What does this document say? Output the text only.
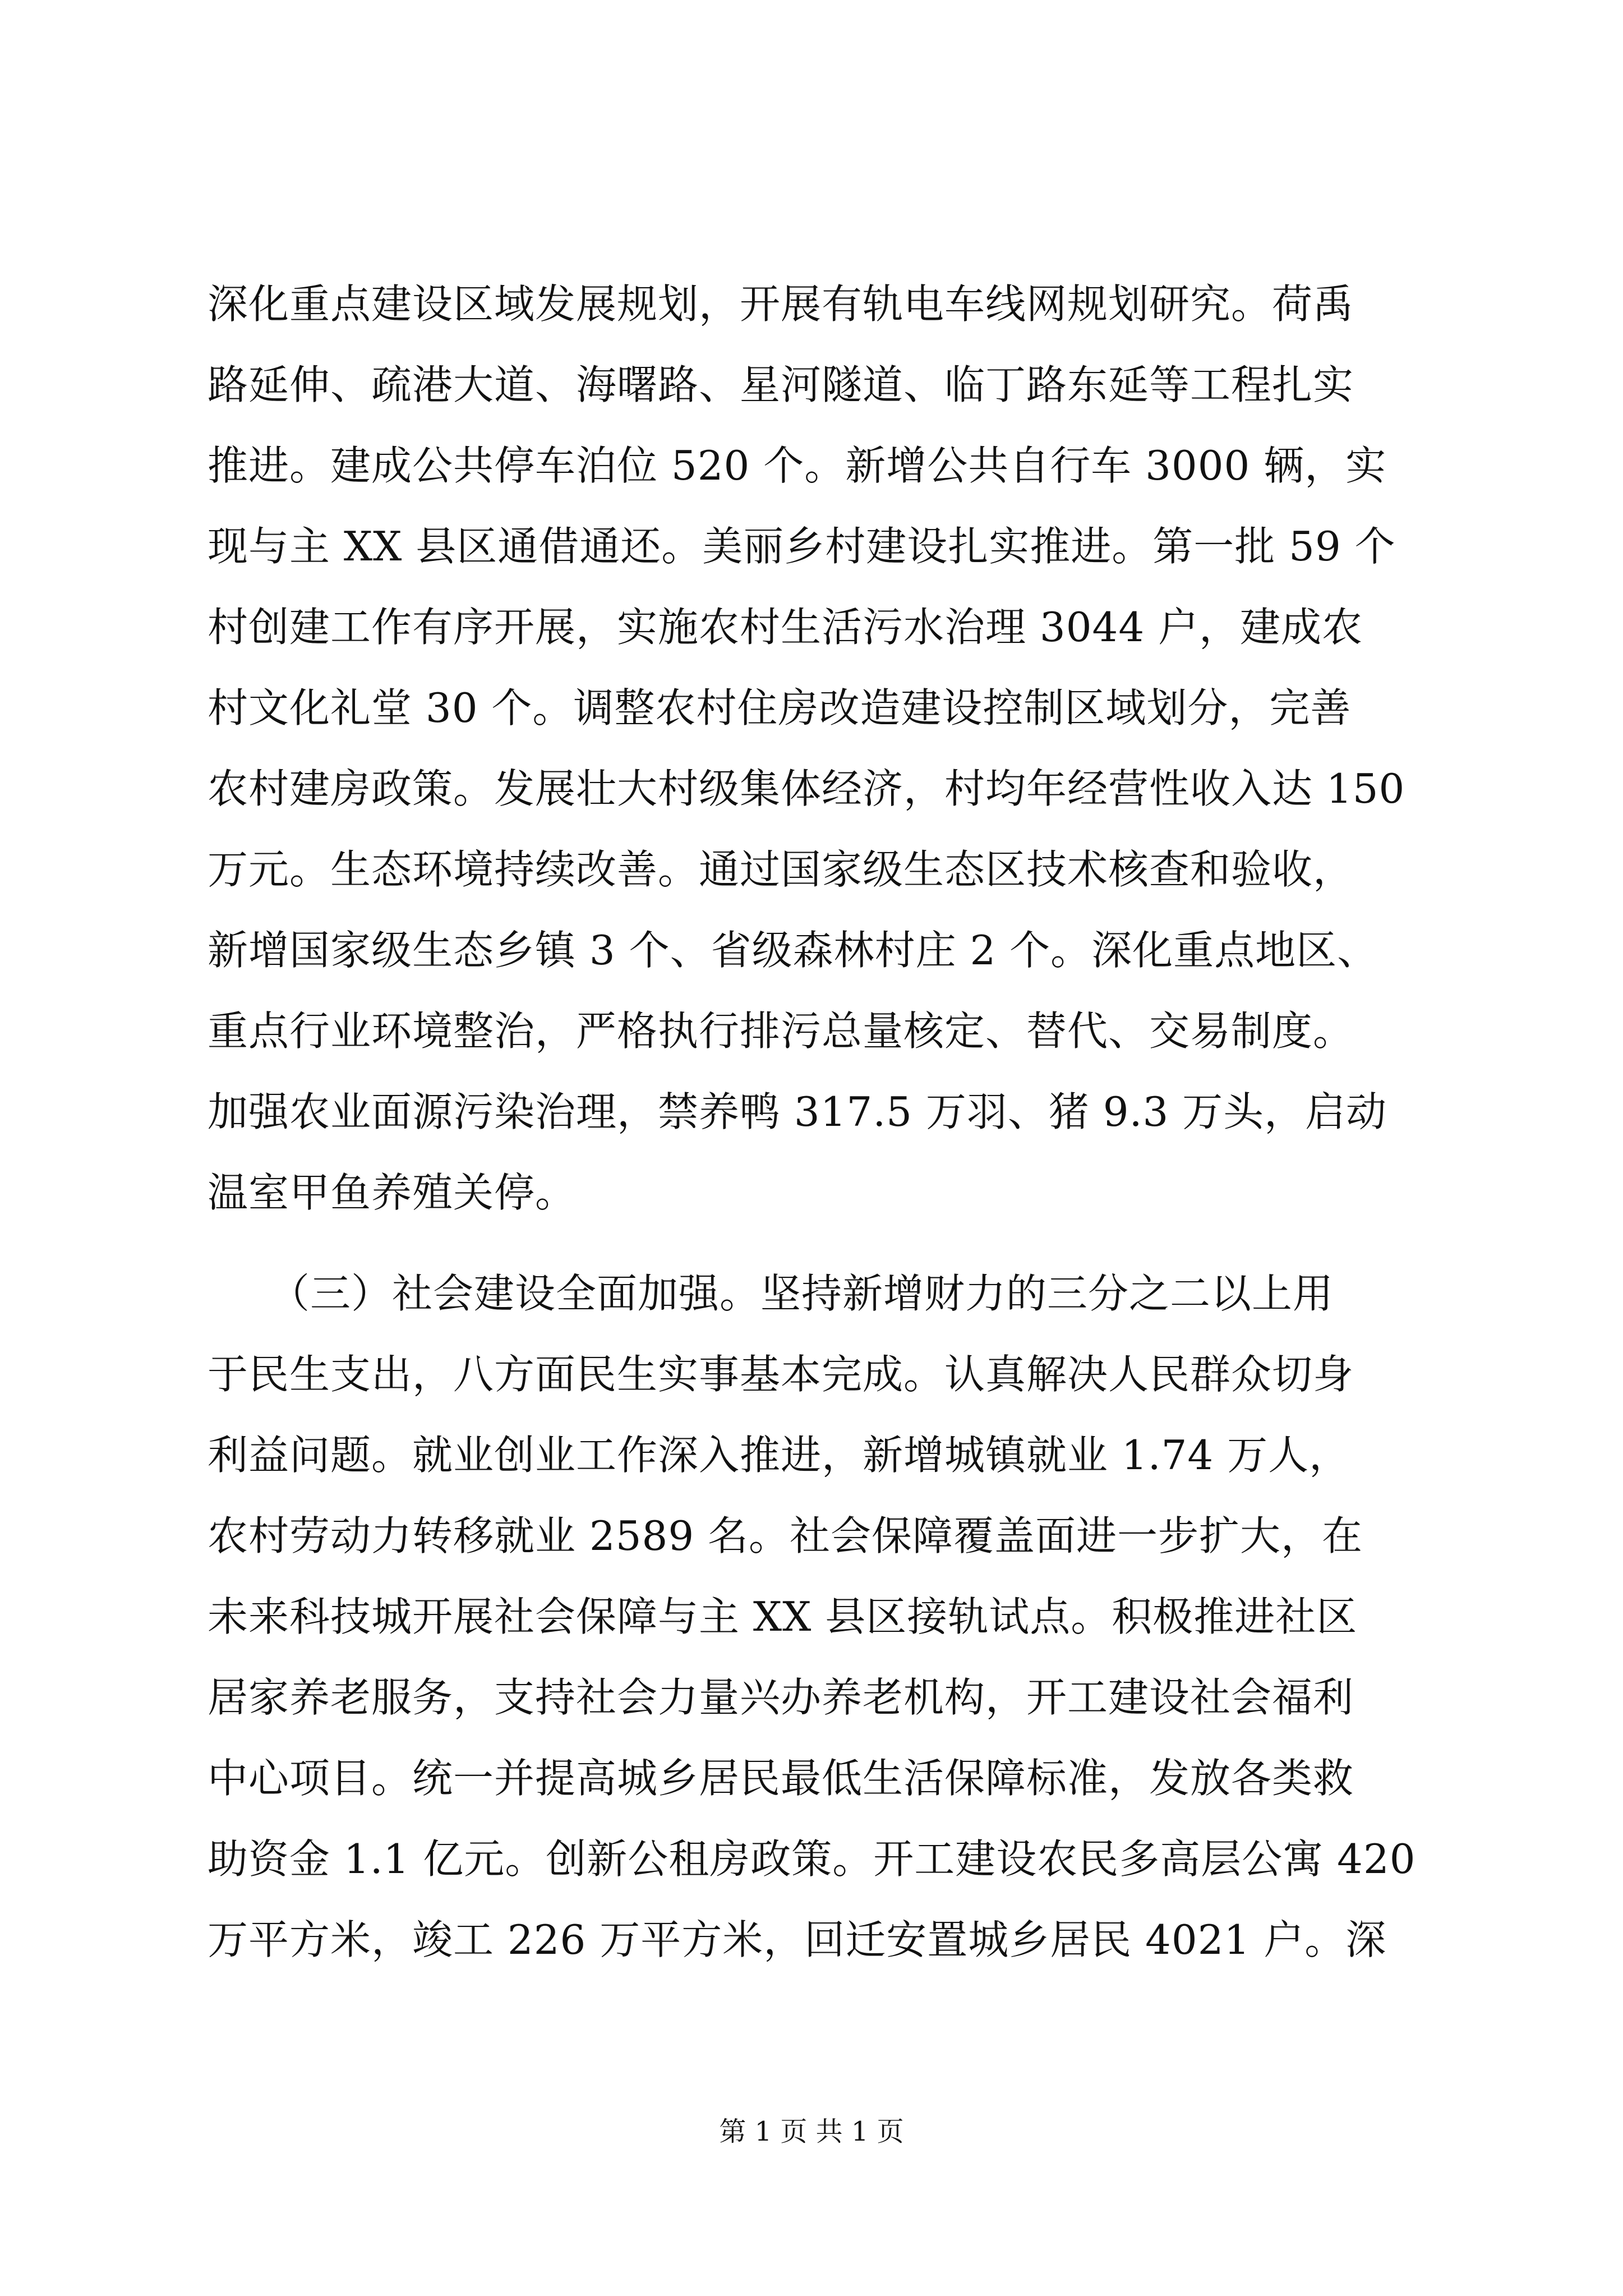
深化重点建设区域发展规划，开展有轨电车线网规划研究。荷禹
路延伸、疏港大道、海曙路、星河隧道、临丁路东延等工程扎实
推进。建成公共停车泊位 520 个。新增公共自行车 3000 辆，实
现与主 XX 县区通借通还。美丽乡村建设扎实推进。第一批 59 个
村创建工作有序开展，实施农村生活污水治理 3044 户，建成农
村文化礼堂 30 个。调整农村住房改造建设控制区域划分，完善
农村建房政策。发展壮大村级集体经济，村均年经营性收入达 150
万元。生态环境持续改善。通过国家级生态区技术核查和验收，
新增国家级生态乡镇 3 个、省级森林村庄 2 个。深化重点地区、
重点行业环境整治，严格执行排污总量核定、替代、交易制度。
加强农业面源污染治理，禁养鸭 317.5 万羽、猪 9.3 万头，启动
温室甲鱼养殖关停。
　　（三）社会建设全面加强。坚持新增财力的三分之二以上用
于民生支出，八方面民生实事基本完成。认真解决人民群众切身
利益问题。就业创业工作深入推进，新增城镇就业 1.74 万人，
农村劳动力转移就业 2589 名。社会保障覆盖面进一步扩大，在
未来科技城开展社会保障与主 XX 县区接轨试点。积极推进社区
居家养老服务，支持社会力量兴办养老机构，开工建设社会福利
中心项目。统一并提高城乡居民最低生活保障标准，发放各类救
助资金 1.1 亿元。创新公租房政策。开工建设农民多高层公寓 420
万平方米，竣工 226 万平方米，回迁安置城乡居民 4021 户。深
第 1 页 共 1 页
